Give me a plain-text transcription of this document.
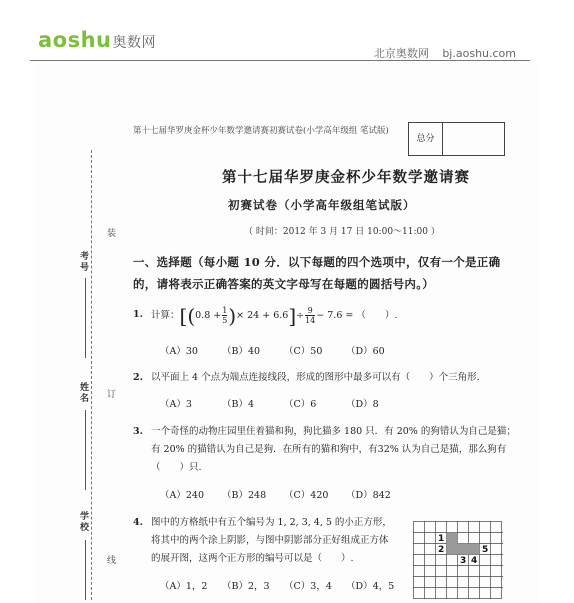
aoshu奥数网
北京奥数网 bj.aoshu.com
第十七届华罗庚金杯少年数学邀请赛初赛试卷(小学高年级组 笔试版)
总分
考号
姓名
学校
装
订
线
第十七届华罗庚金杯少年数学邀请赛
初赛试卷（小学高年级组笔试版）
（ 时间：2012 年 3 月 17 日 10:00～11:00 ）
一、选择题（每小题 10 分．以下每题的四个选项中，仅有一个是正确的，请将表示正确答案的英文字母写在每题的圆括号内。）
1. 计算： [( $0.8 + \frac{1}{5}$ ) × 24 + 6.6 ] ÷ $\frac{9}{14} - 7.6$ = （　　）.
（A）30	（B）40	（C）50 （D）60
2. 以平面上 4 个点为端点连接线段，形成的图形中最多可以有（　　）个三角形.
（A）3	（B）4	（C）6	（D）8
3. 一个奇怪的动物庄园里住着猫和狗，狗比猫多 180 只．有 20% 的狗错认为自己是猫；有 20% 的猫错认为自己是狗．在所有的猫和狗中，有32% 认为自己是猫，那么狗有（　　）只.
（A）240 （B）248 （C）420 （D）842
4. 图中的方格纸中有五个编号为 1, 2, 3, 4, 5 的小正方形，将其中的两个涂上阴影，与图中阴影部分正好组成正方体的展开图，这两个正方形的编号可以是（　　）.
（A）1，2 （B）2，3 （C）3，4 （D）4，5
1
2	5
3 4
